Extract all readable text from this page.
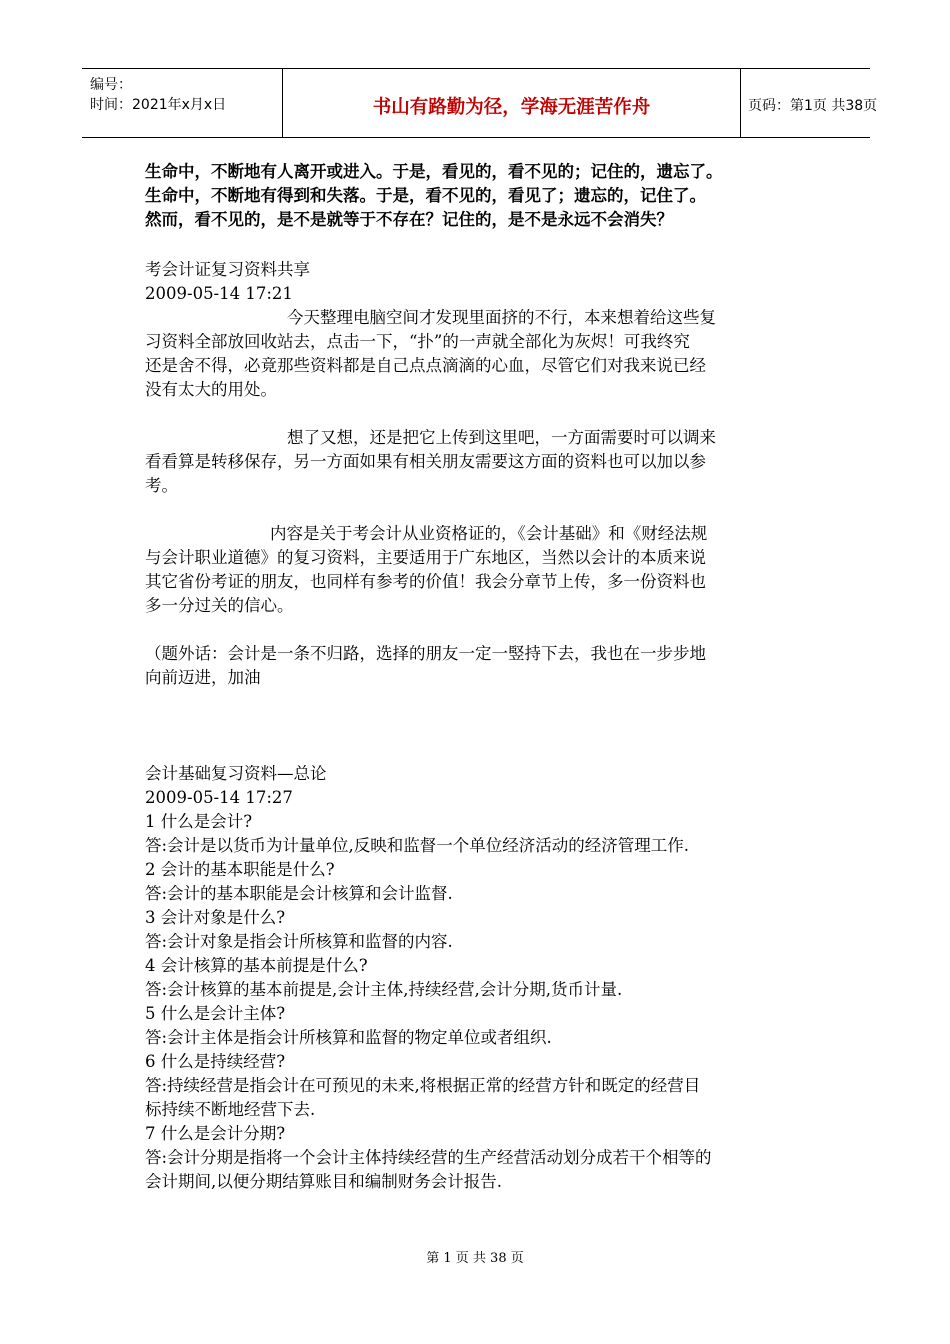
编号：
时间：2021年x月x日	书山有路勤为径，学海无涯苦作舟	页码：第1页 共38页
生命中，不断地有人离开或进入。于是，看见的，看不见的；记住的，遗忘了。
生命中，不断地有得到和失落。于是，看不见的，看见了；遗忘的，记住了。
然而，看不见的，是不是就等于不存在？记住的，是不是永远不会消失？
考会计证复习资料共享
2009-05-14 17:21
今天整理电脑空间才发现里面挤的不行，本来想着给这些复
习资料全部放回收站去，点击一下，“扑”的一声就全部化为灰烬！可我终究
还是舍不得，必竟那些资料都是自己点点滴滴的心血，尽管它们对我来说已经
没有太大的用处。
想了又想，还是把它上传到这里吧，一方面需要时可以调来
看看算是转移保存，另一方面如果有相关朋友需要这方面的资料也可以加以参
考。
内容是关于考会计从业资格证的，《会计基础》和《财经法规
与会计职业道德》的复习资料，主要适用于广东地区，当然以会计的本质来说
其它省份考证的朋友，也同样有参考的价值！我会分章节上传，多一份资料也
多一分过关的信心。
（题外话：会计是一条不归路，选择的朋友一定一竪持下去，我也在一步步地
向前迈进，加油
会计基础复习资料—总论
2009-05-14 17:27
1 什么是会计?
答:会计是以货币为计量单位,反映和监督一个单位经济活动的经济管理工作.
2 会计的基本职能是什么?
答:会计的基本职能是会计核算和会计监督.
3 会计对象是什么?
答:会计对象是指会计所核算和监督的内容.
4 会计核算的基本前提是什么?
答:会计核算的基本前提是,会计主体,持续经营,会计分期,货币计量.
5 什么是会计主体?
答:会计主体是指会计所核算和监督的物定单位或者组织.
6 什么是持续经营?
答:持续经营是指会计在可预见的未来,将根据正常的经营方针和既定的经营目
标持续不断地经营下去.
7 什么是会计分期?
答:会计分期是指将一个会计主体持续经营的生产经营活动划分成若干个相等的
会计期间,以便分期结算账目和编制财务会计报告.
第 1 页 共 38 页
